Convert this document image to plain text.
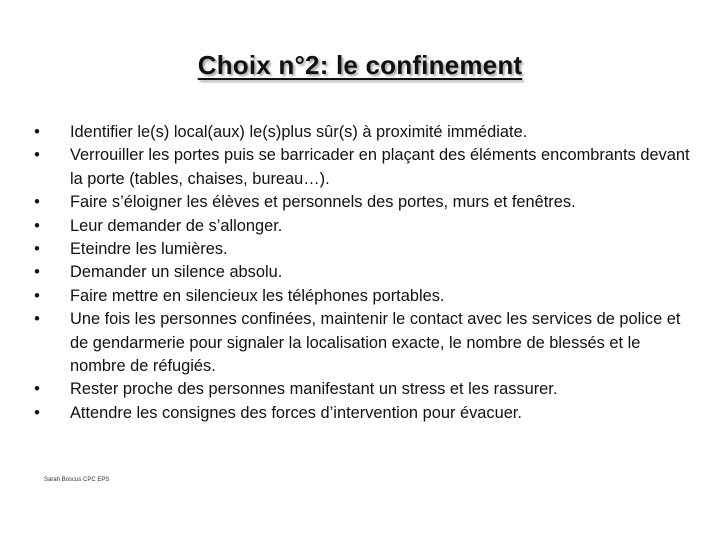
Choix n°2: le confinement
• Identifier le(s) local(aux) le(s)plus sûr(s) à proximité immédiate.
• Verrouiller les portes puis se barricader en plaçant des éléments encombrants devant la porte (tables, chaises, bureau…).
• Faire s’éloigner les élèves et personnels des portes, murs et fenêtres.
• Leur demander de s’allonger.
• Eteindre les lumières.
• Demander un silence absolu.
• Faire mettre en silencieux les téléphones portables.
• Une fois les personnes confinées, maintenir le contact avec les services de police et de gendarmerie pour signaler la localisation exacte, le nombre de blessés et le nombre de réfugiés.
• Rester proche des personnes manifestant un stress et les rassurer.
• Attendre les consignes des forces d’intervention pour évacuer.
Sarah Boscus CPC EPS
